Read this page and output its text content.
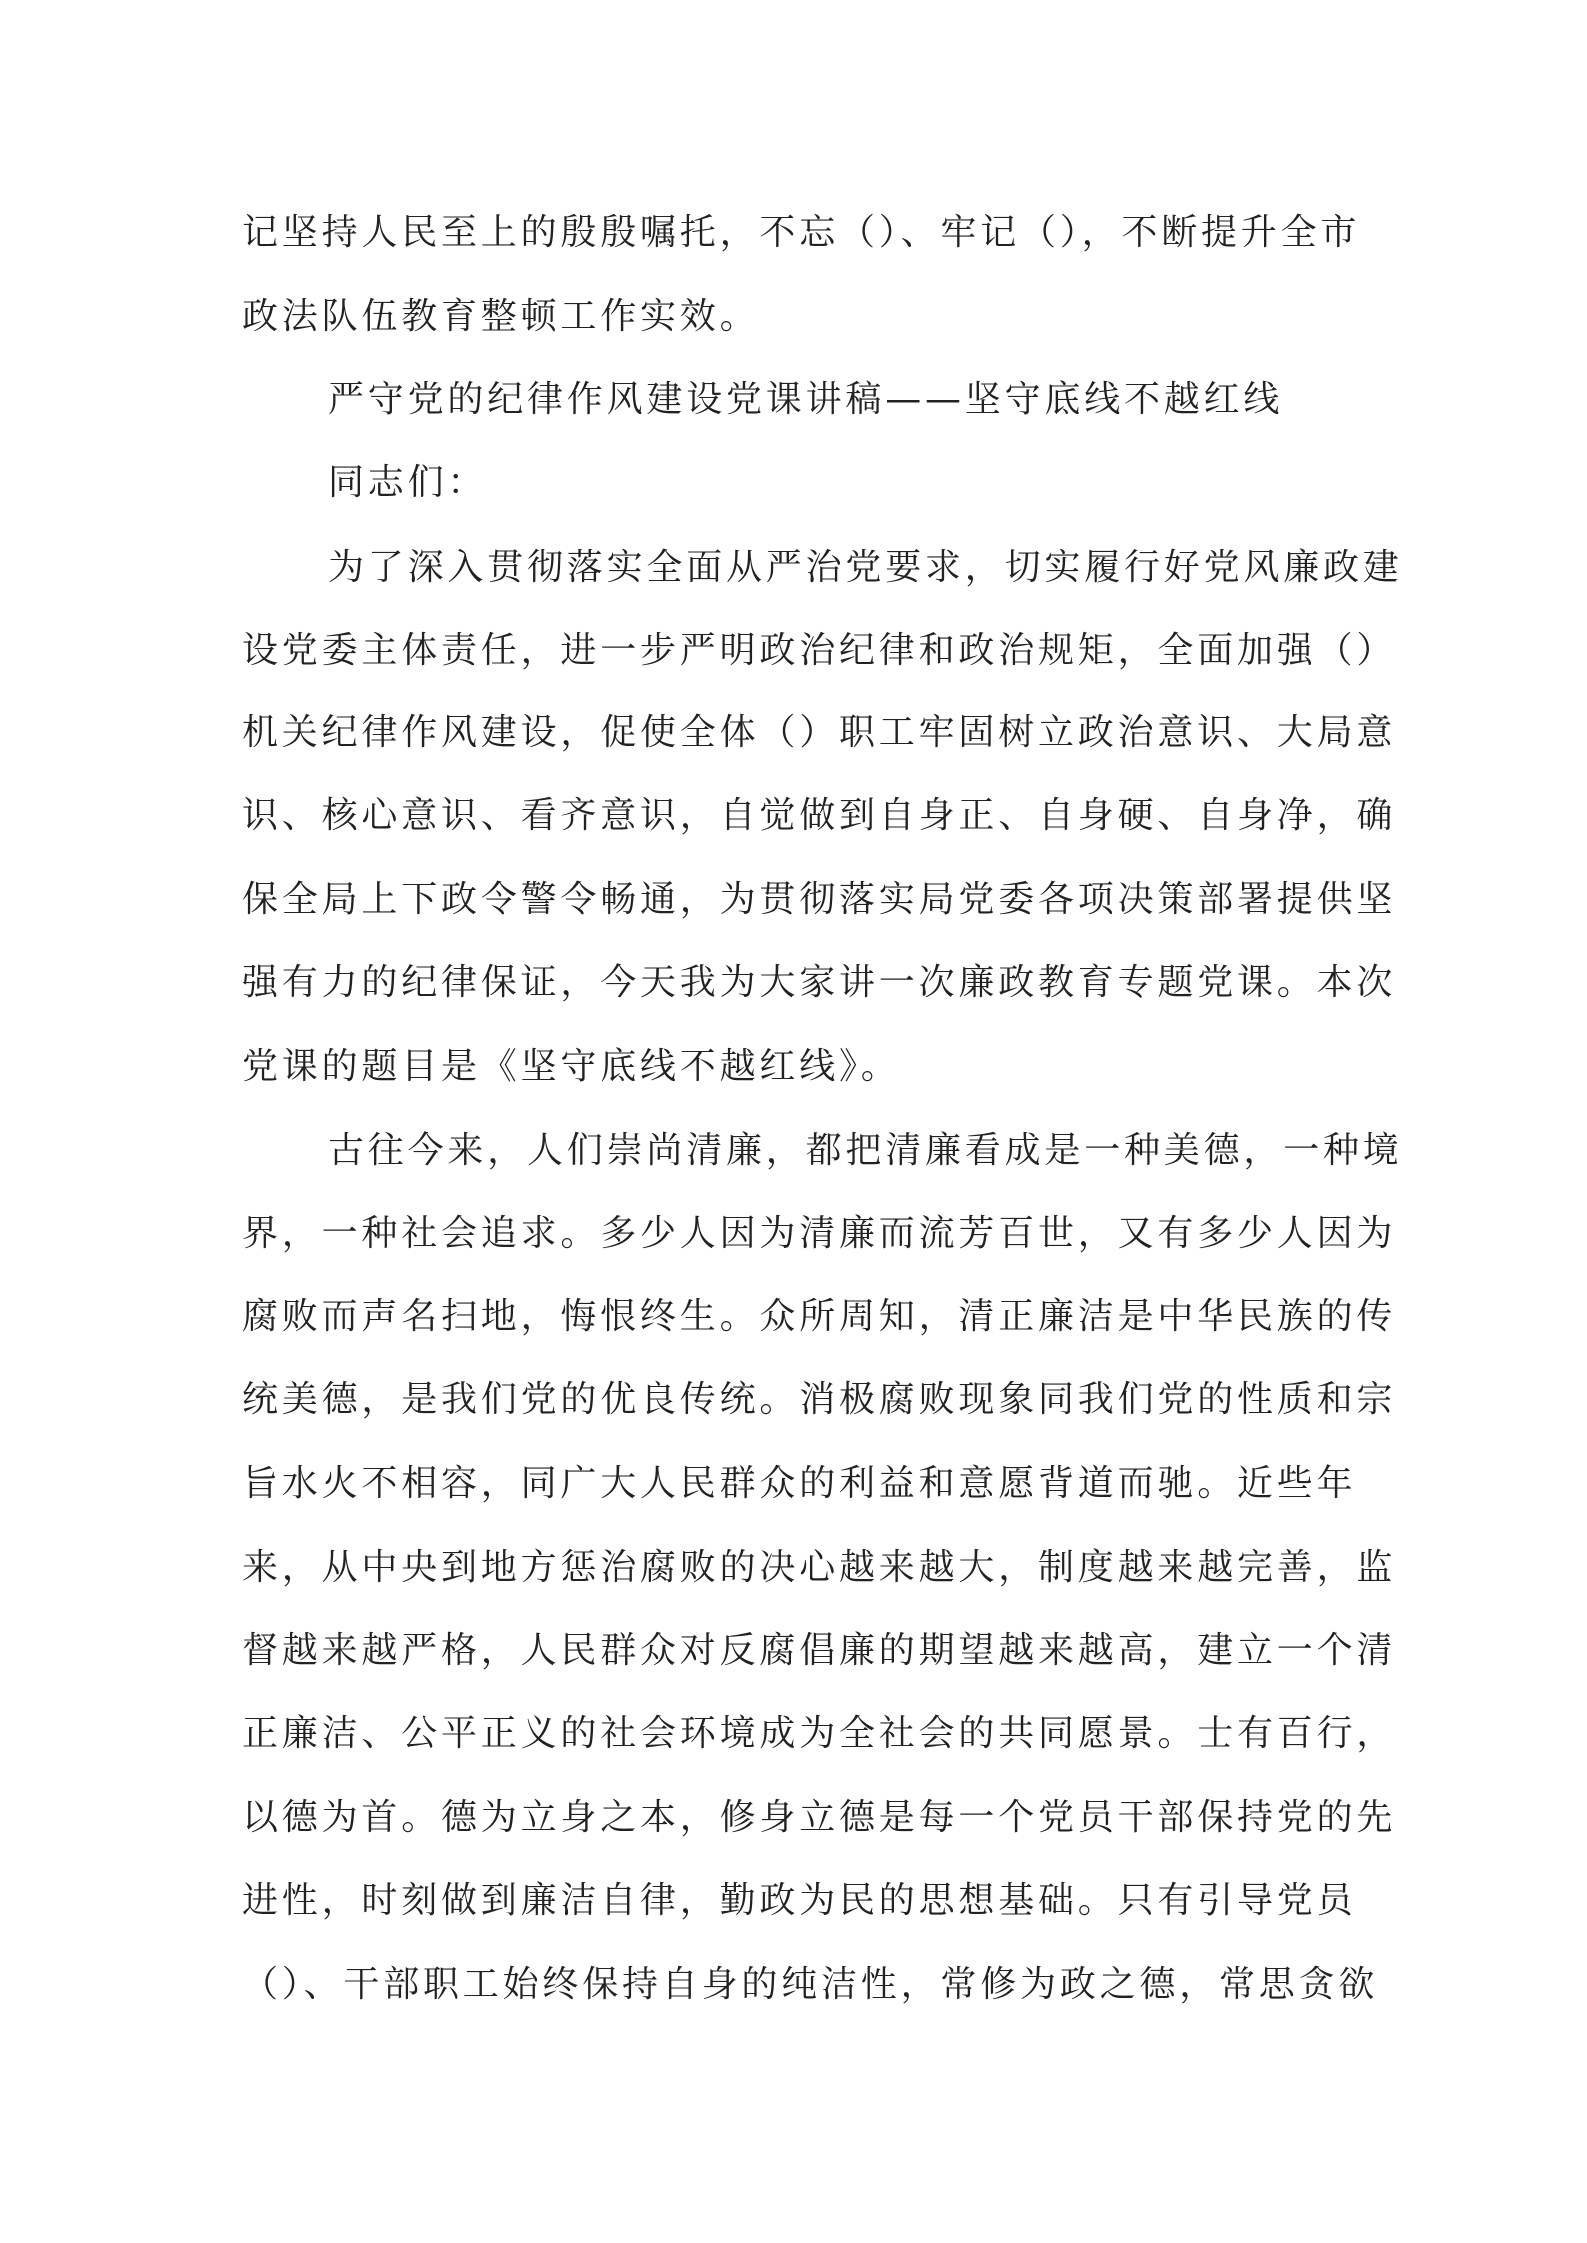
记坚持人民至上的殷殷嘱托，不忘（）、牢记（），不断提升全市
政法队伍教育整顿工作实效。
严守党的纪律作风建设党课讲稿——坚守底线不越红线
同志们：
为了深入贯彻落实全面从严治党要求，切实履行好党风廉政建
设党委主体责任，进一步严明政治纪律和政治规矩，全面加强（）
机关纪律作风建设，促使全体（）职工牢固树立政治意识、大局意
识、核心意识、看齐意识，自觉做到自身正、自身硬、自身净，确
保全局上下政令警令畅通，为贯彻落实局党委各项决策部署提供坚
强有力的纪律保证，今天我为大家讲一次廉政教育专题党课。本次
党课的题目是《坚守底线不越红线》。
古往今来，人们崇尚清廉，都把清廉看成是一种美德，一种境
界，一种社会追求。多少人因为清廉而流芳百世，又有多少人因为
腐败而声名扫地，悔恨终生。众所周知，清正廉洁是中华民族的传
统美德，是我们党的优良传统。消极腐败现象同我们党的性质和宗
旨水火不相容，同广大人民群众的利益和意愿背道而驰。近些年
来，从中央到地方惩治腐败的决心越来越大，制度越来越完善，监
督越来越严格，人民群众对反腐倡廉的期望越来越高，建立一个清
正廉洁、公平正义的社会环境成为全社会的共同愿景。士有百行，
以德为首。德为立身之本，修身立德是每一个党员干部保持党的先
进性，时刻做到廉洁自律，勤政为民的思想基础。只有引导党员
（）、干部职工始终保持自身的纯洁性，常修为政之德，常思贪欲
